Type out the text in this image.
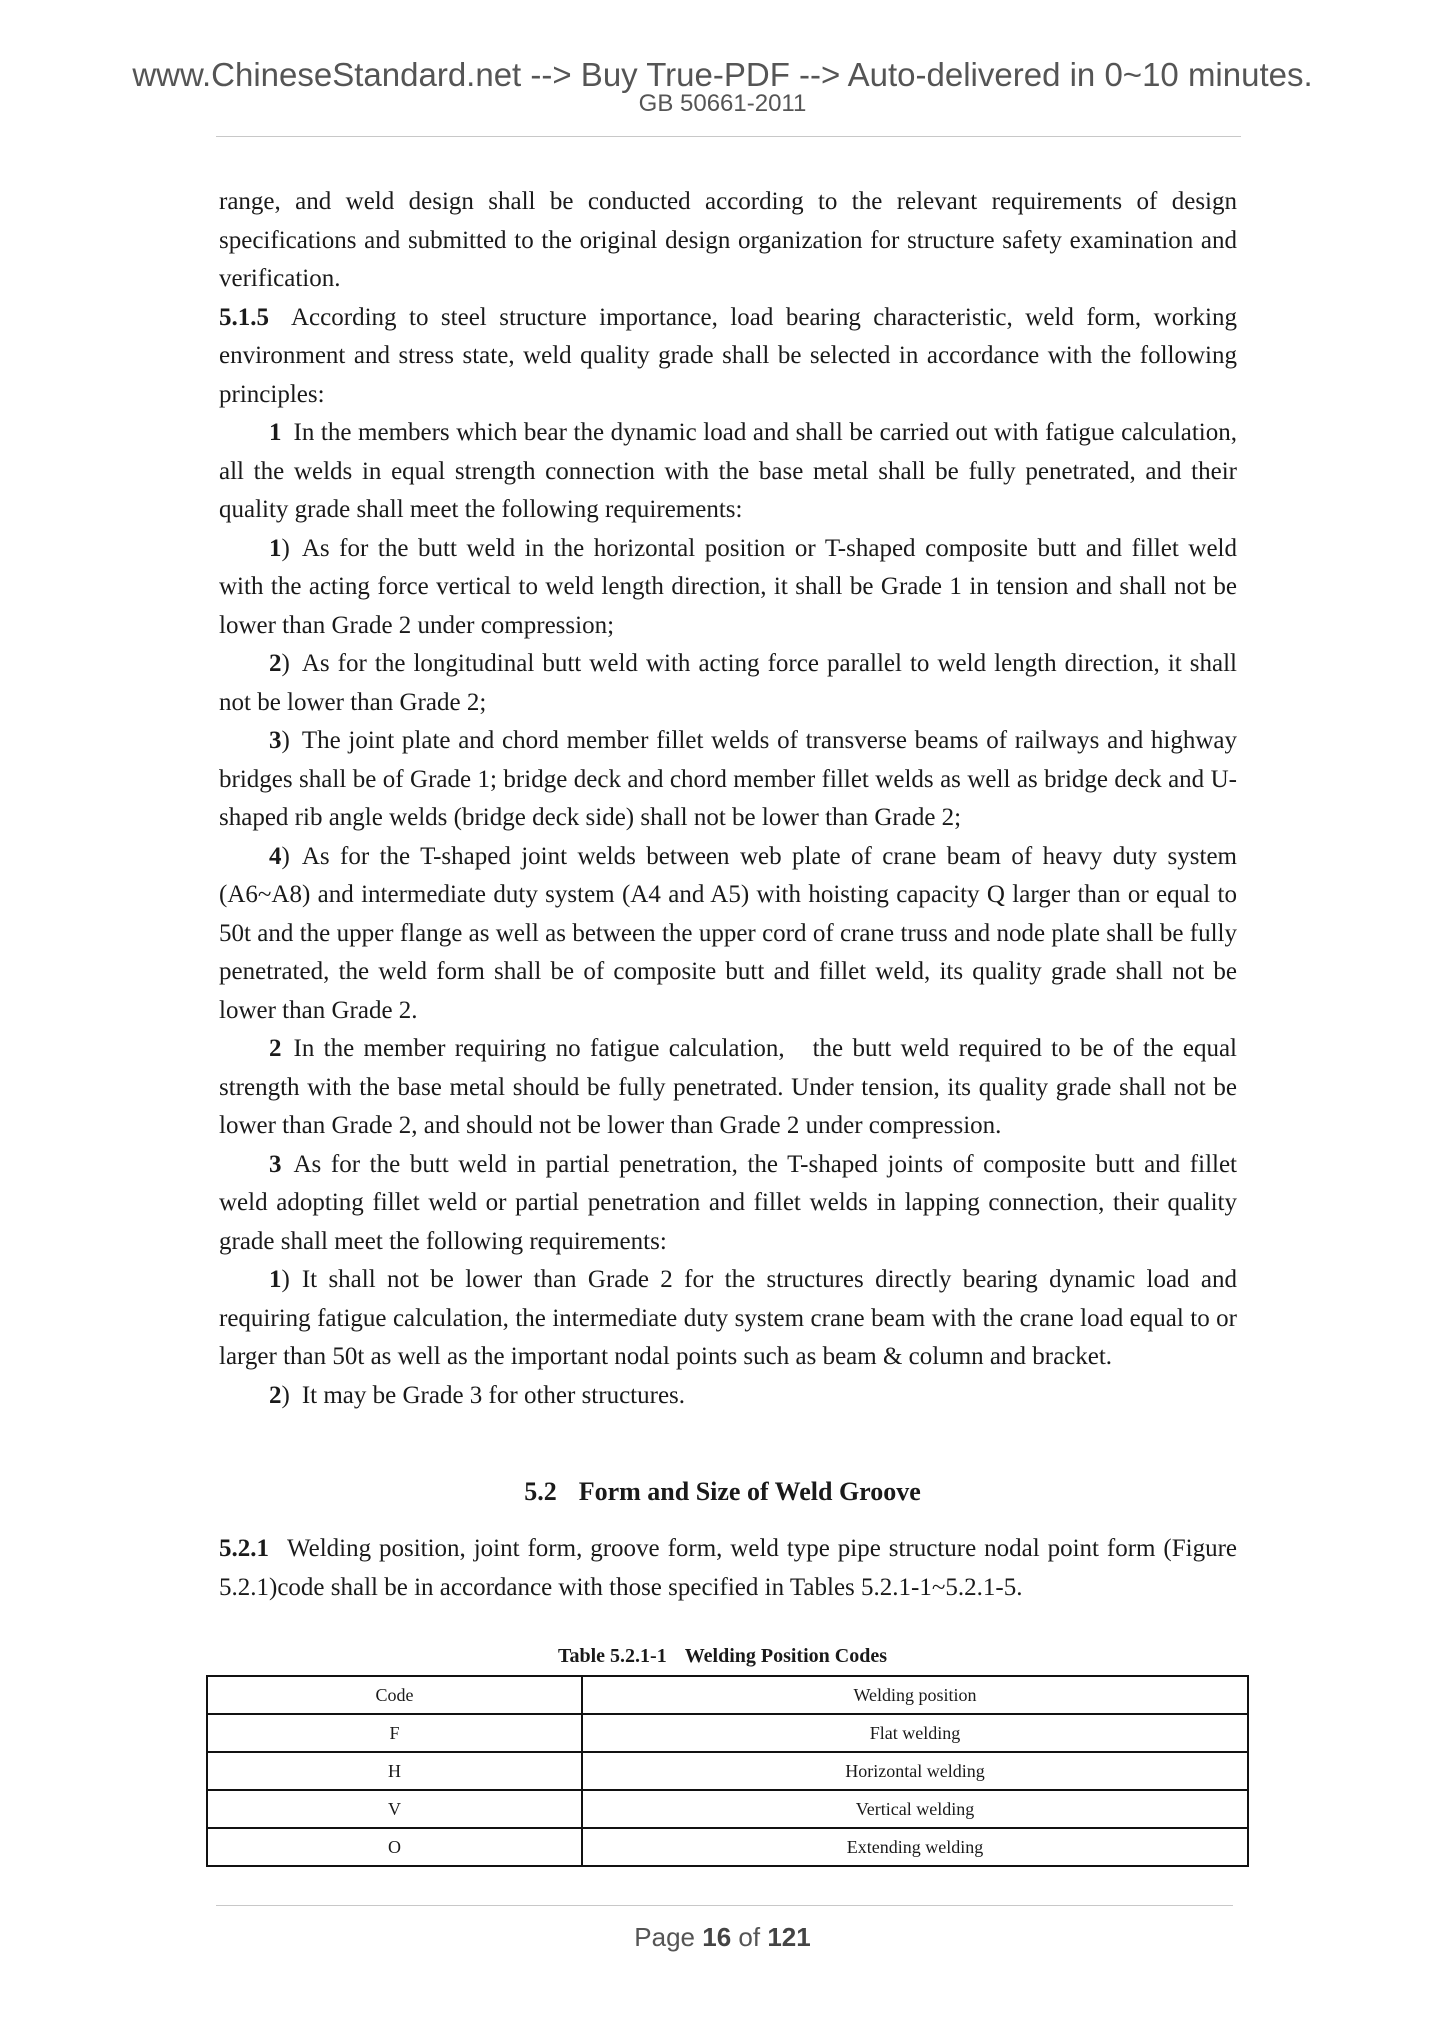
www.ChineseStandard.net --> Buy True-PDF --> Auto-delivered in 0~10 minutes.
GB 50661-2011

range, and weld design shall be conducted according to the relevant requirements of design specifications and submitted to the original design organization for structure safety examination and verification.

5.1.5 According to steel structure importance, load bearing characteristic, weld form, working environment and stress state, weld quality grade shall be selected in accordance with the following principles:

1 In the members which bear the dynamic load and shall be carried out with fatigue calculation, all the welds in equal strength connection with the base metal shall be fully penetrated, and their quality grade shall meet the following requirements:

1) As for the butt weld in the horizontal position or T-shaped composite butt and fillet weld with the acting force vertical to weld length direction, it shall be Grade 1 in tension and shall not be lower than Grade 2 under compression;

2) As for the longitudinal butt weld with acting force parallel to weld length direction, it shall not be lower than Grade 2;

3) The joint plate and chord member fillet welds of transverse beams of railways and highway bridges shall be of Grade 1; bridge deck and chord member fillet welds as well as bridge deck and U-shaped rib angle welds (bridge deck side) shall not be lower than Grade 2;

4) As for the T-shaped joint welds between web plate of crane beam of heavy duty system (A6~A8) and intermediate duty system (A4 and A5) with hoisting capacity Q larger than or equal to 50t and the upper flange as well as between the upper cord of crane truss and node plate shall be fully penetrated, the weld form shall be of composite butt and fillet weld, its quality grade shall not be lower than Grade 2.

2 In the member requiring no fatigue calculation,   the butt weld required to be of the equal strength with the base metal should be fully penetrated. Under tension, its quality grade shall not be lower than Grade 2, and should not be lower than Grade 2 under compression.

3 As for the butt weld in partial penetration, the T-shaped joints of composite butt and fillet weld adopting fillet weld or partial penetration and fillet welds in lapping connection, their quality grade shall meet the following requirements:

1) It shall not be lower than Grade 2 for the structures directly bearing dynamic load and requiring fatigue calculation, the intermediate duty system crane beam with the crane load equal to or larger than 50t as well as the important nodal points such as beam & column and bracket.

2) It may be Grade 3 for other structures.

5.2 Form and Size of Weld Groove

5.2.1 Welding position, joint form, groove form, weld type pipe structure nodal point form (Figure 5.2.1)code shall be in accordance with those specified in Tables 5.2.1-1~5.2.1-5.

Table 5.2.1-1 Welding Position Codes
Code	Welding position
F	Flat welding
H	Horizontal welding
V	Vertical welding
O	Extending welding
Page 16 of 121
